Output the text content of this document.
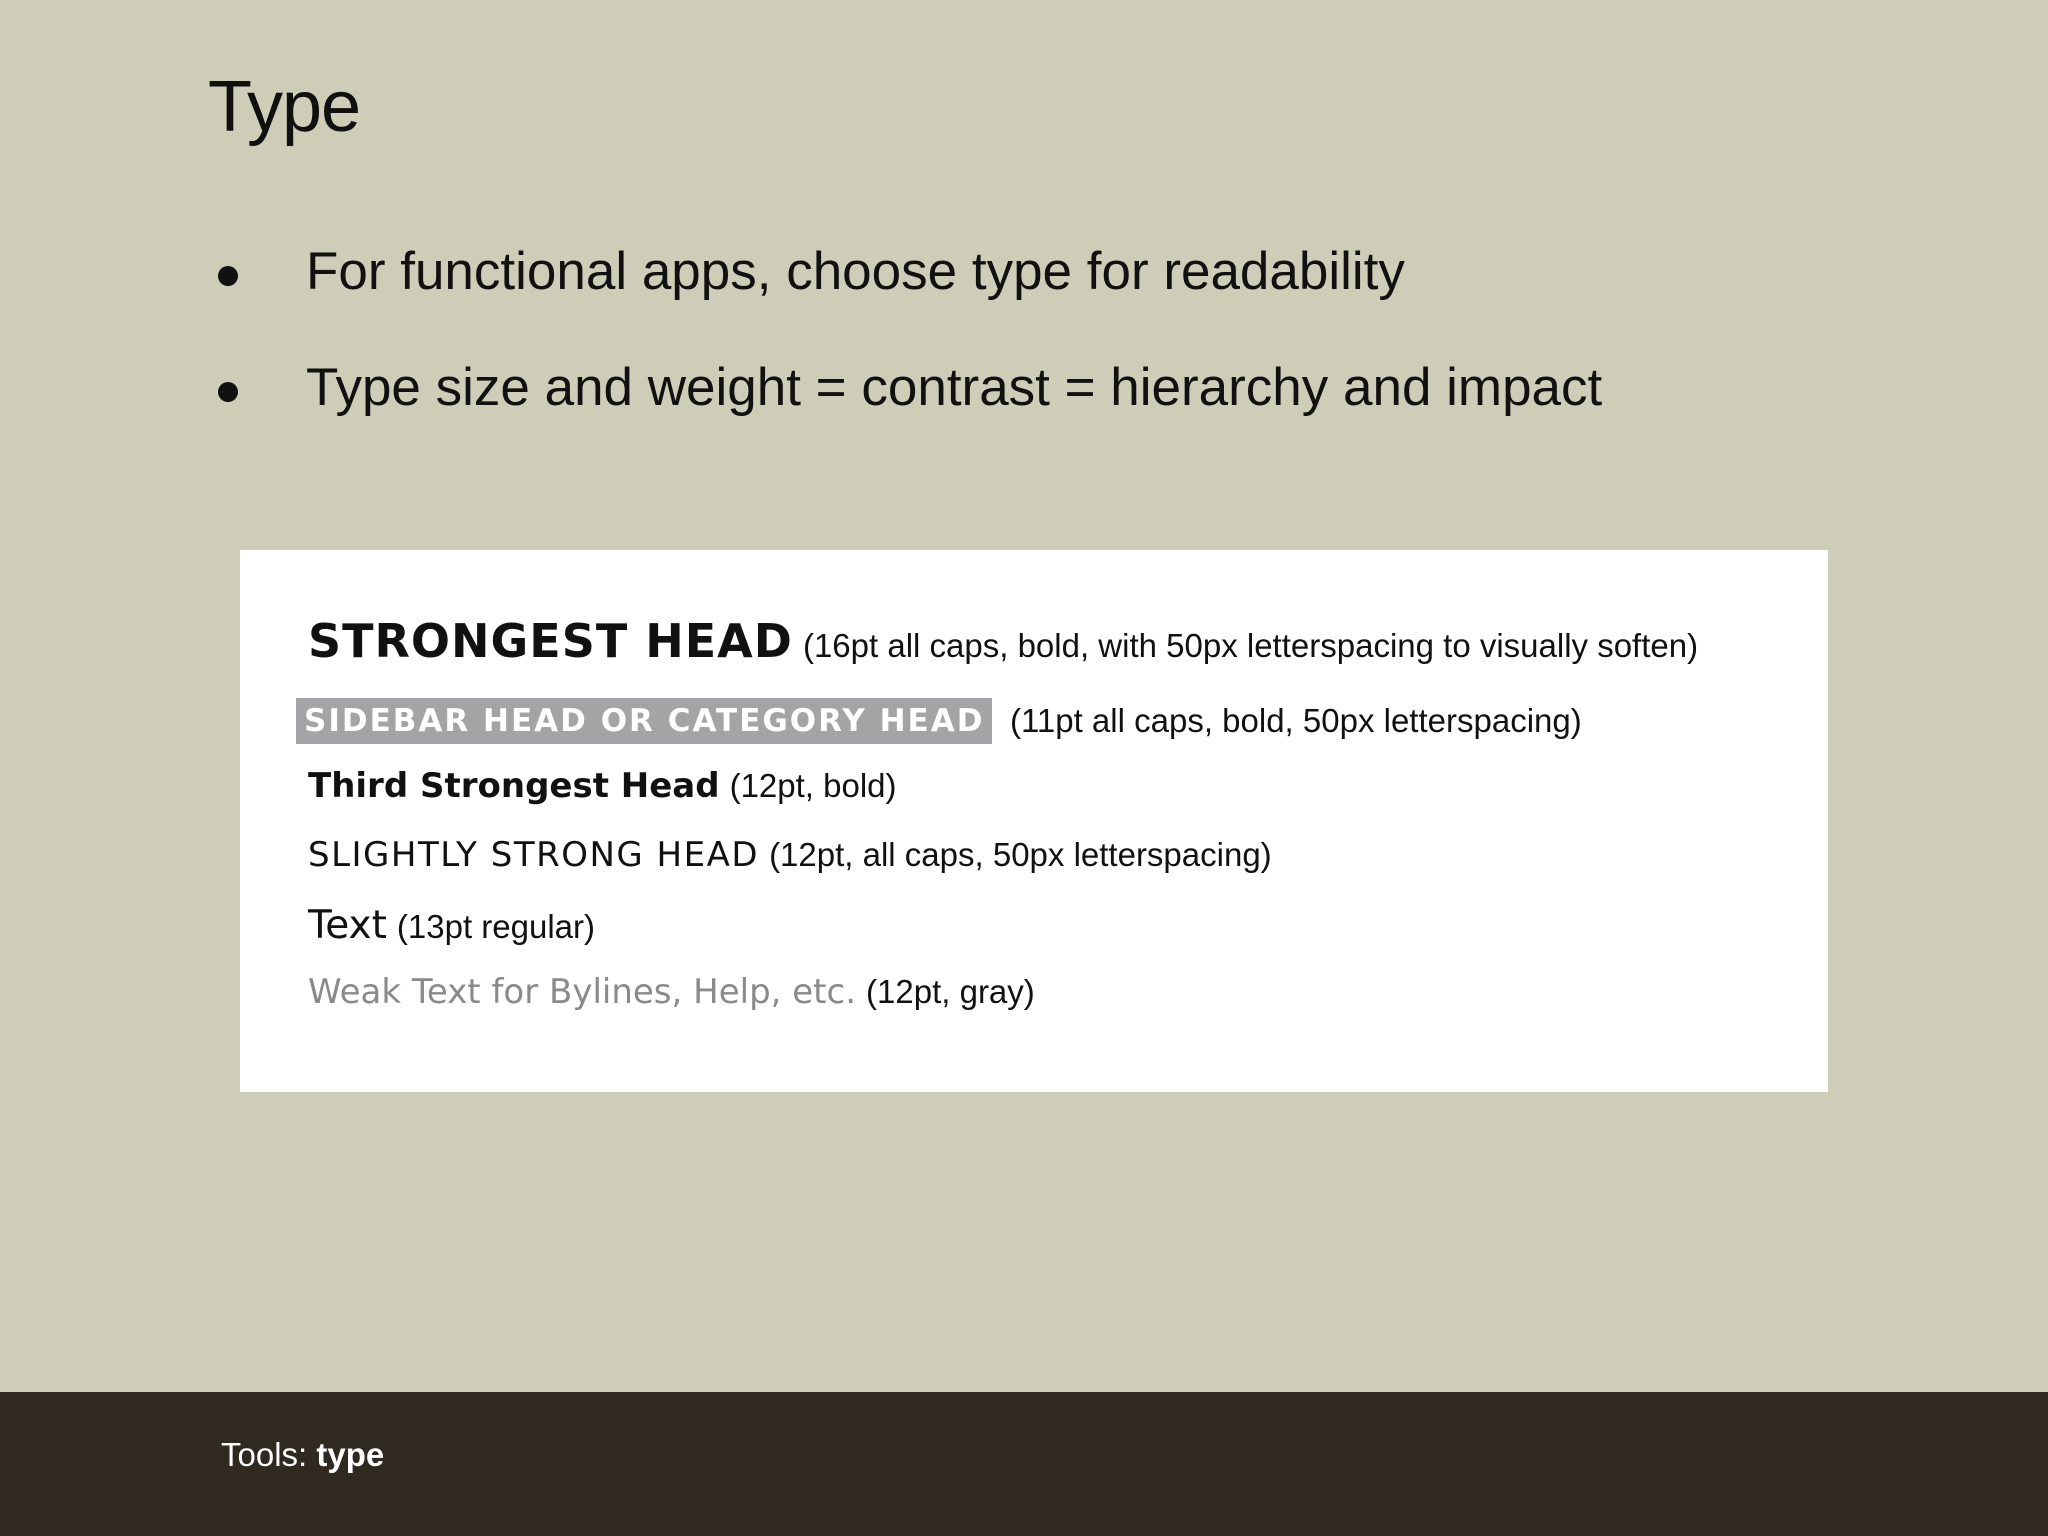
Type
For functional apps, choose type for readability
Type size and weight = contrast = hierarchy and impact
STRONGEST HEAD (16pt all caps, bold, with 50px letterspacing to visually soften)
SIDEBAR HEAD OR CATEGORY HEAD (11pt all caps, bold, 50px letterspacing)
Third Strongest Head (12pt, bold)
SLIGHTLY STRONG HEAD (12pt, all caps, 50px letterspacing)
Text (13pt regular)
Weak Text for Bylines, Help, etc. (12pt, gray)
Tools: type
